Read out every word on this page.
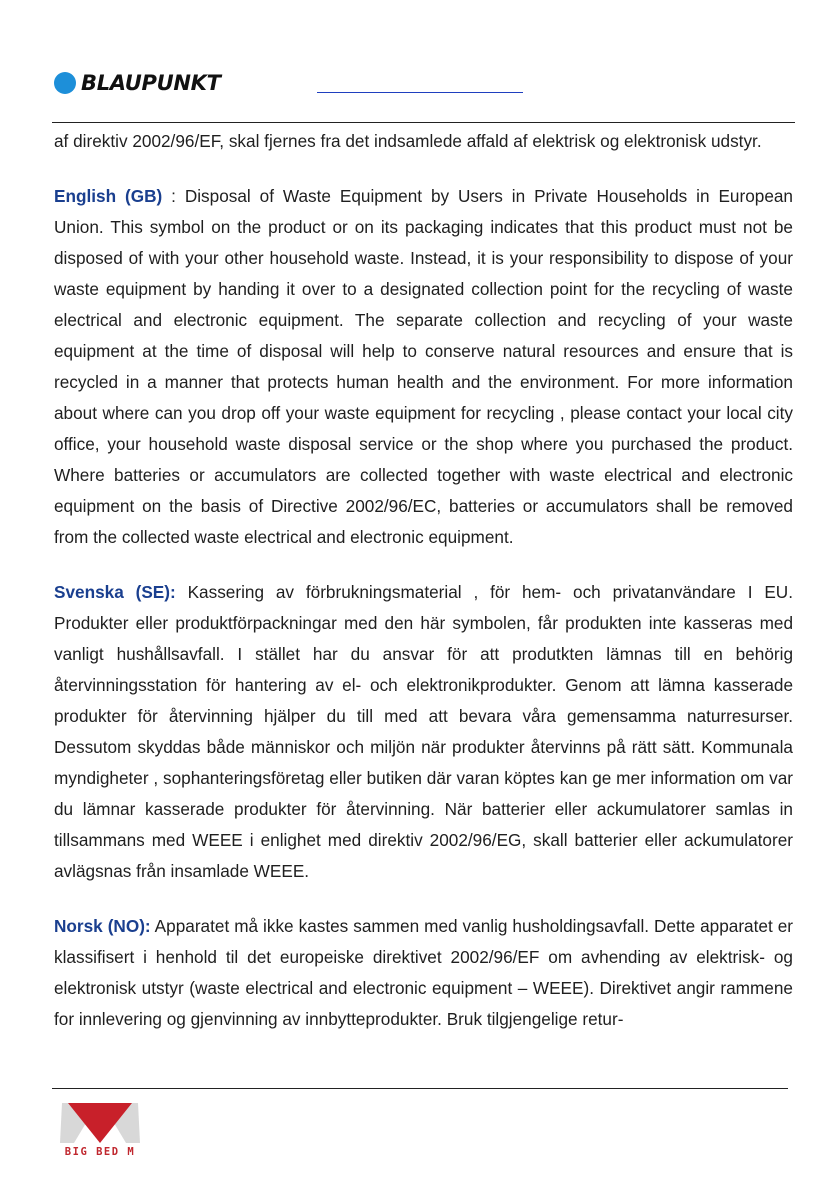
BLAUPUNKT

af direktiv 2002/96/EF, skal fjernes fra det indsamlede affald af elektrisk og elektronisk udstyr.

English (GB) : Disposal of Waste Equipment by Users in Private Households in European Union. This symbol on the product or on its packaging indicates that this product must not be disposed of with your other household waste. Instead, it is your responsibility to dispose of your waste equipment by handing it over to a designated collection point for the recycling of waste electrical and electronic equipment. The separate collection and recycling of your waste equipment at the time of disposal will help to conserve natural resources and ensure that is recycled in a manner that protects human health and the environment. For more information about where can you drop off your waste equipment for recycling , please contact your local city office, your household waste disposal service or the shop where you purchased the product. Where batteries or accumulators are collected together with waste electrical and electronic equipment on the basis of Directive 2002/96/EC, batteries or accumulators shall be removed from the collected waste electrical and electronic equipment.

Svenska (SE): Kassering av förbrukningsmaterial , för hem- och privatanvändare I EU. Produkter eller produktförpackningar med den här symbolen, får produkten inte kasseras med vanligt hushållsavfall. I stället har du ansvar för att produtkten lämnas till en behörig återvinningsstation för hantering av el- och elektronikprodukter. Genom att lämna kasserade produkter för återvinning hjälper du till med att bevara våra gemensamma naturresurser. Dessutom skyddas både människor och miljön när produkter återvinns på rätt sätt. Kommunala myndigheter , sophanteringsföretag eller butiken där varan köptes kan ge mer information om var du lämnar kasserade produkter för återvinning. När batterier eller ackumulatorer samlas in tillsammans med WEEE i enlighet med direktiv 2002/96/EG, skall batterier eller ackumulatorer avlägsnas från insamlade WEEE.

Norsk (NO): Apparatet må ikke kastes sammen med vanlig husholdingsavfall. Dette apparatet er klassifisert i henhold til det europeiske direktivet 2002/96/EF om avhending av elektrisk- og elektronisk utstyr (waste electrical and electronic equipment – WEEE). Direktivet angir rammene for innlevering og gjenvinning av innbytteprodukter. Bruk tilgjengelige retur-

BIG BED M
